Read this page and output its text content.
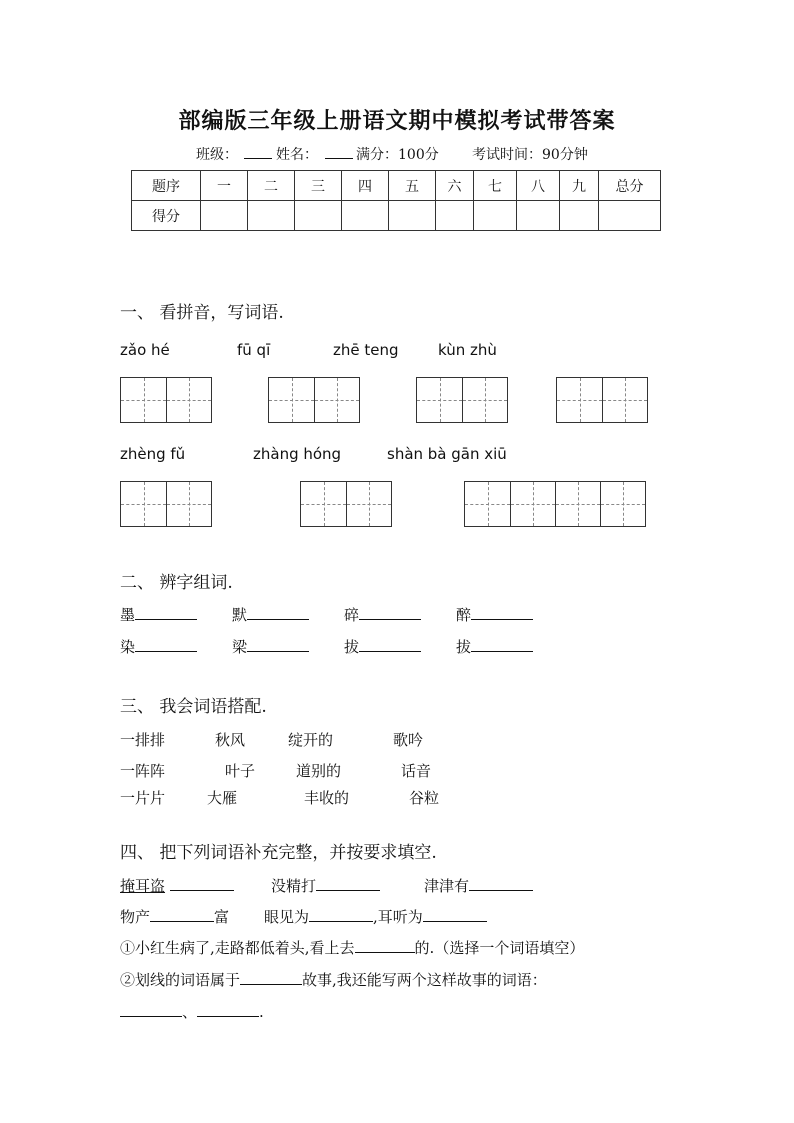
部编版三年级上册语文期中模拟考试带答案
班级：	姓名：	满分：100分 考试时间：90分钟
题序	一	二	三	四	五	六	七	八	九	总分
得分										
一、 看拼音，写词语.
zǎo hé	fū qī	zhē teng	kùn zhù
zhèng fǔ	zhàng hóng	shàn bà gān xiū
二、 辨字组词.
墨	默	碎	醉
染	梁	拔	拔
三、 我会词语搭配.
一排排	秋风	绽开的	歌吟
一阵阵	叶子	道别的	话音
一片片	大雁	丰收的	谷粒
四、 把下列词语补充完整，并按要求填空.
掩耳盗	没精打	津津有
物产	富 眼见为	,耳听为
①小红生病了,走路都低着头,看上去	的.（选择一个词语填空）
②划线的词语属于	故事,我还能写两个这样故事的词语：
、	.
